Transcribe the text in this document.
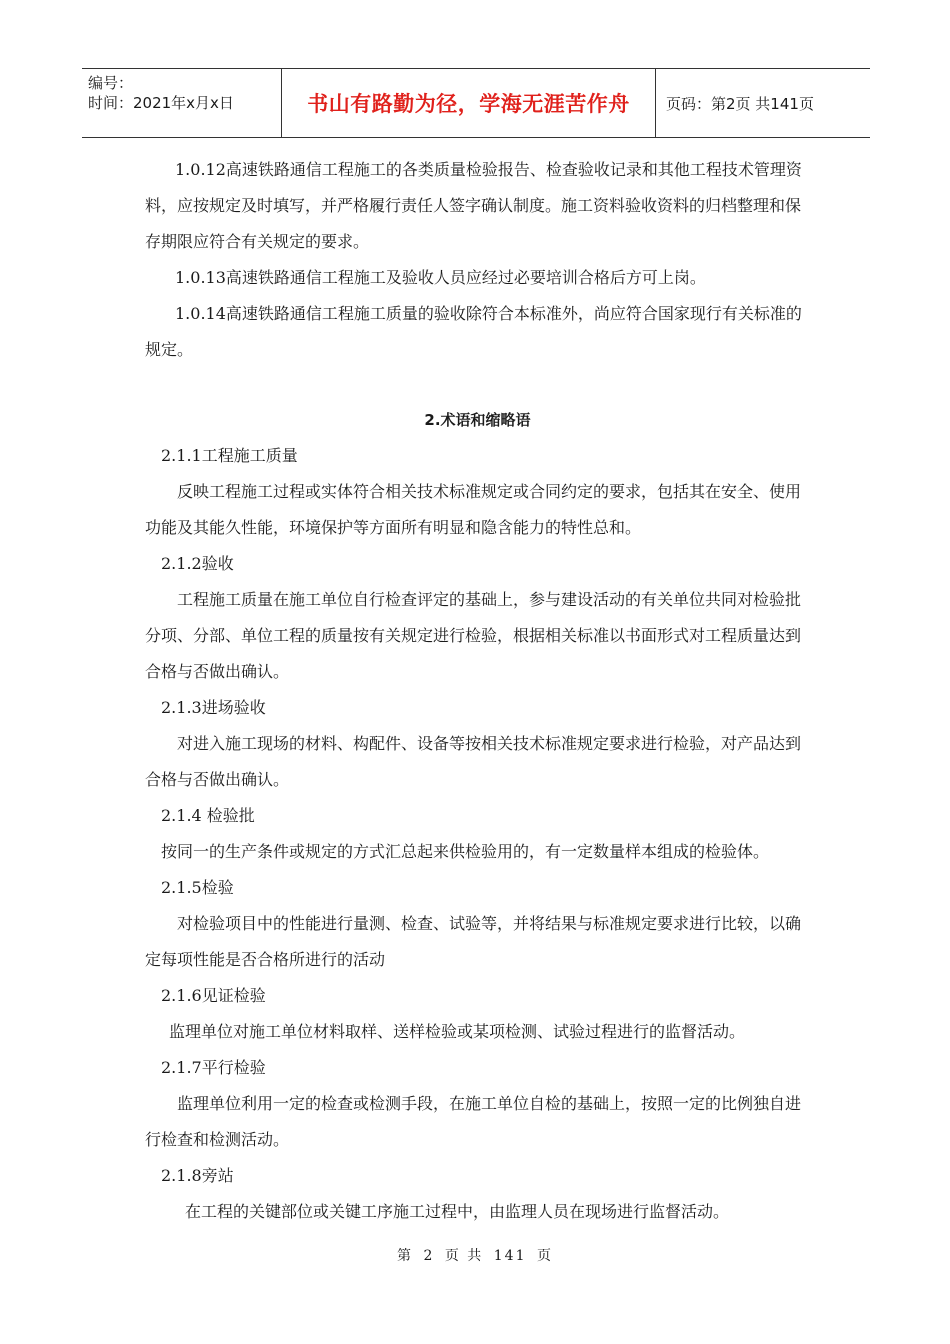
编号：
时间：2021年x月x日	书山有路勤为径，学海无涯苦作舟	页码：第2页 共141页

1.0.12高速铁路通信工程施工的各类质量检验报告、检查验收记录和其他工程技术管理资料，应按规定及时填写，并严格履行责任人签字确认制度。施工资料验收资料的归档整理和保存期限应符合有关规定的要求。

1.0.13高速铁路通信工程施工及验收人员应经过必要培训合格后方可上岗。

1.0.14高速铁路通信工程施工质量的验收除符合本标准外，尚应符合国家现行有关标准的规定。

2.术语和缩略语

2.1.1工程施工质量

反映工程施工过程或实体符合相关技术标准规定或合同约定的要求，包括其在安全、使用功能及其能久性能，环境保护等方面所有明显和隐含能力的特性总和。

2.1.2验收

工程施工质量在施工单位自行检查评定的基础上，参与建设活动的有关单位共同对检验批分项、分部、单位工程的质量按有关规定进行检验，根据相关标准以书面形式对工程质量达到合格与否做出确认。

2.1.3进场验收

对进入施工现场的材料、构配件、设备等按相关技术标准规定要求进行检验，对产品达到合格与否做出确认。

2.1.4 检验批

按同一的生产条件或规定的方式汇总起来供检验用的，有一定数量样本组成的检验体。

2.1.5检验

对检验项目中的性能进行量测、检查、试验等，并将结果与标准规定要求进行比较，以确定每项性能是否合格所进行的活动

2.1.6见证检验

监理单位对施工单位材料取样、送样检验或某项检测、试验过程进行的监督活动。

2.1.7平行检验

监理单位利用一定的检查或检测手段，在施工单位自检的基础上，按照一定的比例独自进行检查和检测活动。

2.1.8旁站

在工程的关键部位或关键工序施工过程中，由监理人员在现场进行监督活动。

第 2 页 共 141 页
